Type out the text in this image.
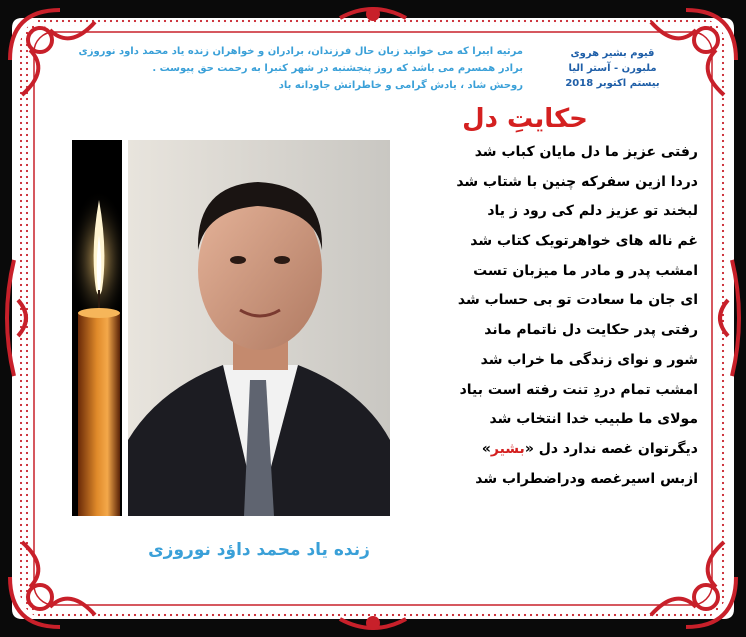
مرثیه ایبرا که می خوانید زبان حال فرزندان، برادران و خواهران زنده یاد محمد داود نوروزی
برادر همسرم می باشد که روز پنجشنبه در شهر کنبرا به رحمت حق پیوست .
روحش شاد ، یادش گرامی و خاطراتش جاودانه باد
قیوم بشیر هروی
ملبورن - آستر الیا
بیستم اکتوبر 2018
حکایتِ دل
زنده یاد محمد داؤد نوروزی
رفتی عزیز ما دل مایان کباب شد
دردا ازین سفرکه چنین با شتاب شد
لبخند تو عزیز دلم کی رود ز یاد
غم ناله های خواهرتویک کتاب شد
امشب پدر و مادر ما میزبان تست
ای جان ما سعادت تو بی حساب شد
رفتی پدر حکایت دل ناتمام ماند
شور و نوای زندگی ما خراب شد
امشب تمام دردِ تنت رفته است بیاد
مولای ما طبیب خدا انتخاب شد
دیگرتوان غصه ندارد دل «بشیر»
ازبس اسیرغصه ودراضطراب شد
